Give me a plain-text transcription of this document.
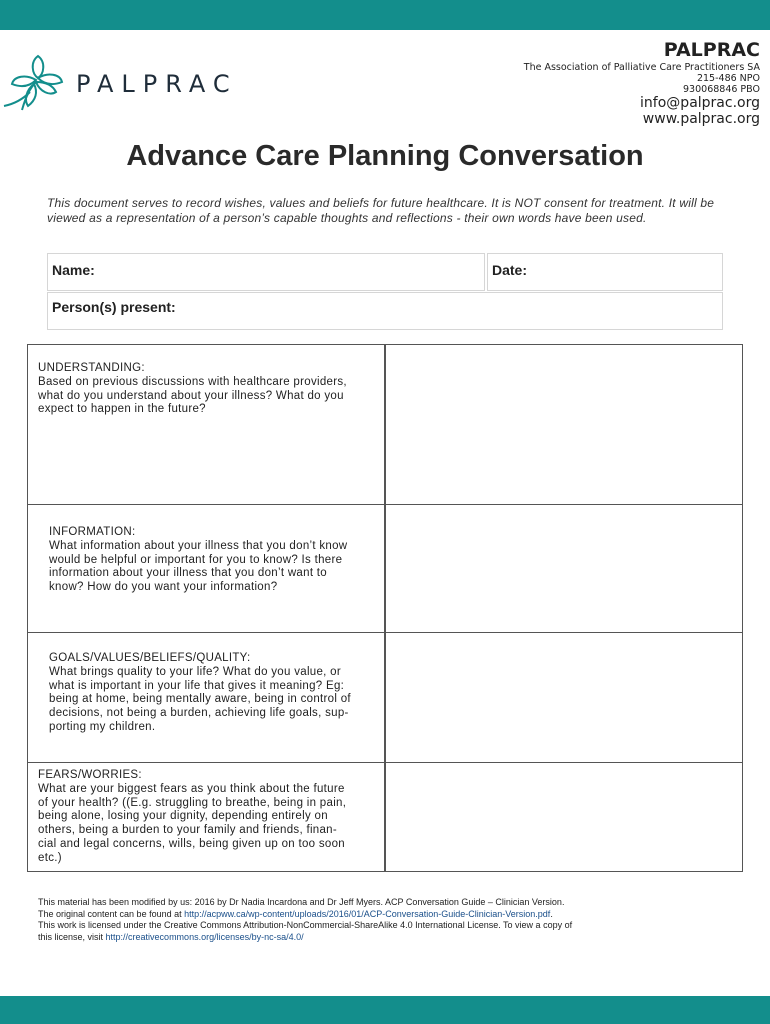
PALPRAC
PALPRAC
The Association of Palliative Care Practitioners SA
215-486 NPO
930068846 PBO
info@palprac.org
www.palprac.org
Advance Care Planning Conversation
This document serves to record wishes, values and beliefs for future healthcare. It is NOT consent for treatment. It will be viewed as a representation of a person’s capable thoughts and reflections - their own words have been used.
Name:	Date:
Person(s) present:
UNDERSTANDING:
Based on previous discussions with healthcare providers,
what do you understand about your illness? What do you
expect to happen in the future?
INFORMATION:
What information about your illness that you don’t know
would be helpful or important for you to know? Is there
information about your illness that you don’t want to
know? How do you want your information?
GOALS/VALUES/BELIEFS/QUALITY:
What brings quality to your life? What do you value, or
what is important in your life that gives it meaning? Eg:
being at home, being mentally aware, being in control of
decisions, not being a burden, achieving life goals, sup-
porting my children.
FEARS/WORRIES:
What are your biggest fears as you think about the future
of your health? ((E.g. struggling to breathe, being in pain,
being alone, losing your dignity, depending entirely on
others, being a burden to your family and friends, finan-
cial and legal concerns, wills, being given up on too soon
etc.)
This material has been modified by us: 2016 by Dr Nadia Incardona and Dr Jeff Myers. ACP Conversation Guide – Clinician Version.
The original content can be found at http://acpww.ca/wp-content/uploads/2016/01/ACP-Conversation-Guide-Clinician-Version.pdf.
This work is licensed under the Creative Commons Attribution-NonCommercial-ShareAlike 4.0 International License. To view a copy of
this license, visit http://creativecommons.org/licenses/by-nc-sa/4.0/
